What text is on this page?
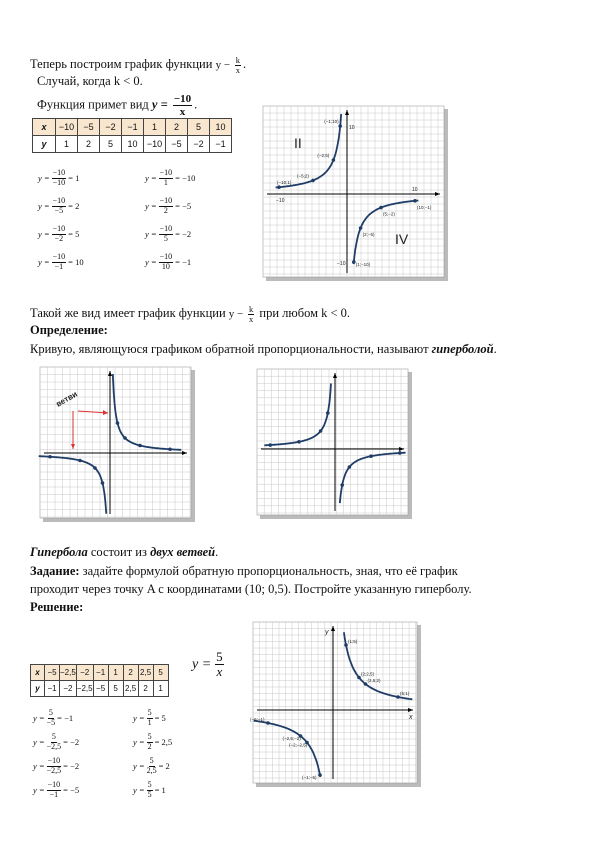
Теперь построим график функции $y - \frac{k}{x}$ .
Случай, когда k < 0.
Функция примет вид $y = \frac{-10}{x}$ .
x	−10	−5	−2	−1	1	2	5	10
y	1	2	5	10	−10	−5	−2	−1
$y = \frac{-10}{-10} = 1$
$y = \frac{-10}{-5} = 2$
$y = \frac{-10}{-2} = 5$
$y = \frac{-10}{-1} = 10$
$y = \frac{-10}{1} = -10$
$y = \frac{-10}{2} = -5$
$y = \frac{-10}{5} = -2$
$y = \frac{-10}{10} = -1$
(−1;10)
(−2;5)
(−5;2)
(−10;1)
(1;−10)
(2;−5)
(5;−2)
(10;−1)
II
IV
−10
10
10
−10
Такой же вид имеет график функции $y - \frac{k}{x}$ при любом k < 0.
Определение:
Кривую, являющуюся графиком обратной пропорциональности, называют гиперболой.
ветви
Гипербола состоит из двух ветвей.
Задание: задайте формулой обратную пропорциональность, зная, что её график
проходит через точку A с координатами (10; 0,5). Постройте указанную гиперболу.
Решение:
$y = \frac{5}{x}$
x	−5	−2,5	−2	−1	1	2	2,5	5
y	−1	−2	−2,5	−5	5	2,5	2	1
$y = \frac{5}{-5} = -1$
$y = \frac{5}{-2,5} = -2$
$y = \frac{-10}{-2,5} = -2$
$y = \frac{-10}{-1} = -5$
$y = \frac{5}{1} = 5$
$y = \frac{5}{2} = 2,5$
$y = \frac{5}{2,5} = 2$
$y = \frac{5}{5} = 1$
(1;5)
(2;2,5)
(2,5;2)
(5;1)
(−5;−1)
(−2,5;−2)
(−2;−2,5)
(−1;−5)
x
y
